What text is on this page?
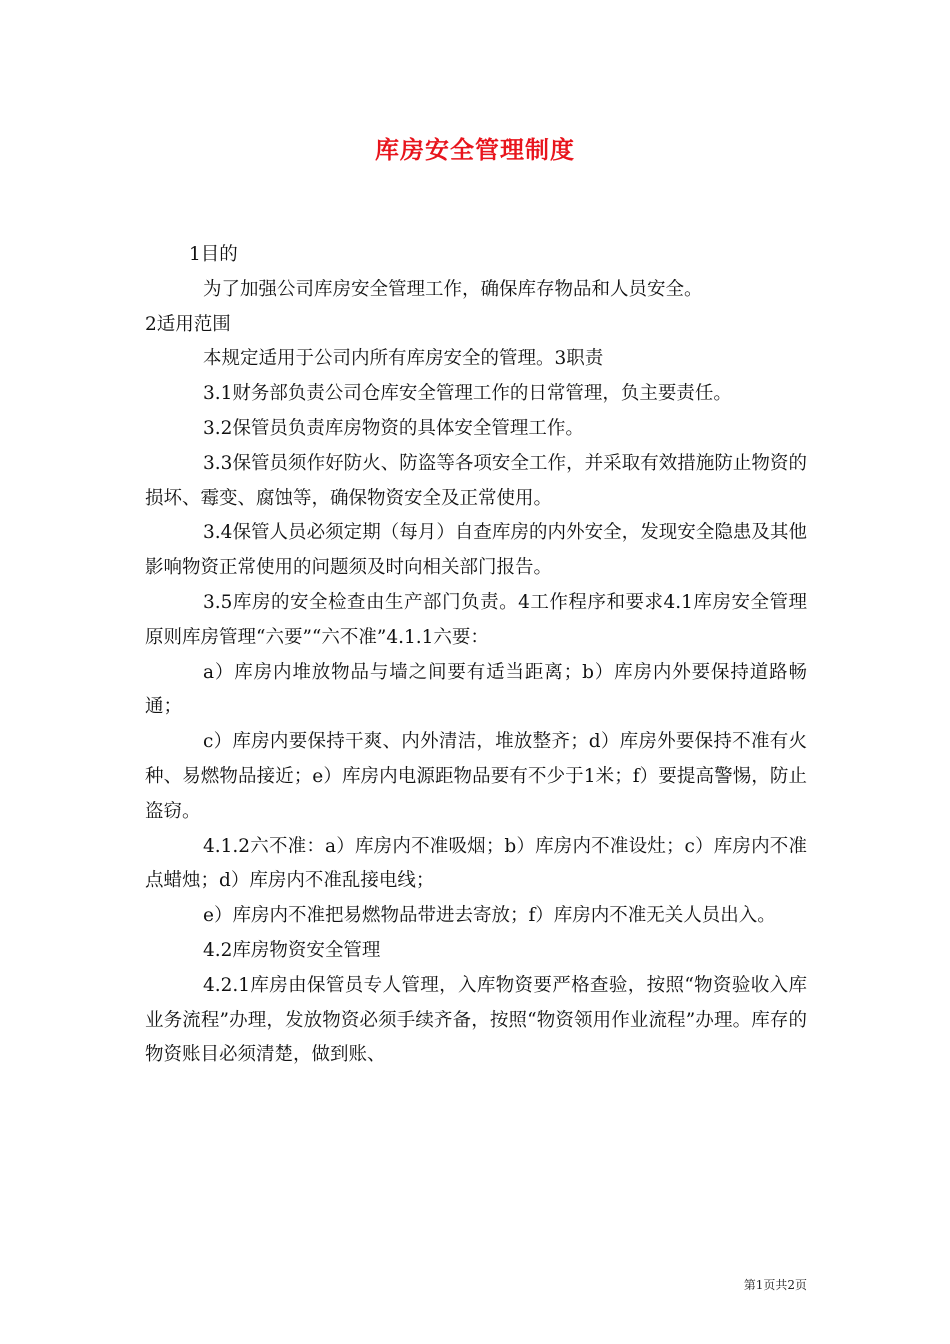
库房安全管理制度

1目的

为了加强公司库房安全管理工作，确保库存物品和人员安全。

2适用范围

本规定适用于公司内所有库房安全的管理。3职责

3.1财务部负责公司仓库安全管理工作的日常管理，负主要责任。

3.2保管员负责库房物资的具体安全管理工作。

3.3保管员须作好防火、防盗等各项安全工作，并采取有效措施防止物资的损坏、霉变、腐蚀等，确保物资安全及正常使用。

3.4保管人员必须定期（每月）自查库房的内外安全，发现安全隐患及其他影响物资正常使用的问题须及时向相关部门报告。

3.5库房的安全检查由生产部门负责。4工作程序和要求4.1库房安全管理原则库房管理“六要”“六不准”4.1.1六要：

a）库房内堆放物品与墙之间要有适当距离；b）库房内外要保持道路畅通；

c）库房内要保持干爽、内外清洁，堆放整齐；d）库房外要保持不准有火种、易燃物品接近；e）库房内电源距物品要有不少于1米；f）要提高警惕，防止盗窃。

4.1.2六不准：a）库房内不准吸烟；b）库房内不准设灶；c）库房内不准点蜡烛；d）库房内不准乱接电线；

e）库房内不准把易燃物品带进去寄放；f）库房内不准无关人员出入。

4.2库房物资安全管理

4.2.1库房由保管员专人管理，入库物资要严格查验，按照“物资验收入库业务流程”办理，发放物资必须手续齐备，按照“物资领用作业流程”办理。库存的物资账目必须清楚，做到账、

第1页共2页
